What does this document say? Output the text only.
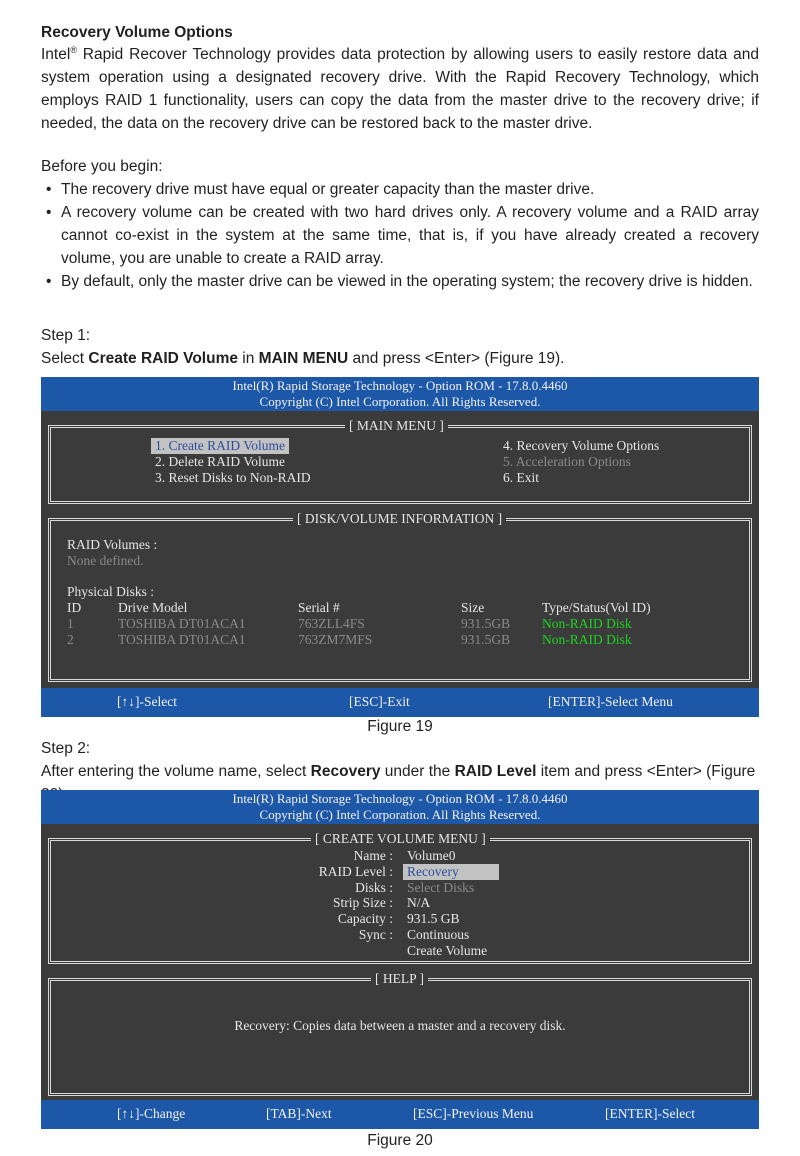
Recovery Volume Options
Intel® Rapid Recover Technology provides data protection by allowing users to easily restore data and system operation using a designated recovery drive. With the Rapid Recovery Technology, which employs RAID 1 functionality, users can copy the data from the master drive to the recovery drive; if needed, the data on the recovery drive can be restored back to the master drive.
Before you begin:
• The recovery drive must have equal or greater capacity than the master drive.
• A recovery volume can be created with two hard drives only. A recovery volume and a RAID array cannot co-exist in the system at the same time, that is, if you have already created a recovery volume, you are unable to create a RAID array.
• By default, only the master drive can be viewed in the operating system; the recovery drive is hidden.
Step 1:
Select Create RAID Volume in MAIN MENU and press <Enter> (Figure 19).
Intel(R) Rapid Storage Technology - Option ROM - 17.8.0.4460
Copyright (C) Intel Corporation. All Rights Reserved.
[ MAIN MENU ]
1. Create RAID Volume
2. Delete RAID Volume
3. Reset Disks to Non-RAID
4. Recovery Volume Options
5. Acceleration Options
6. Exit
[ DISK/VOLUME INFORMATION ]
RAID Volumes :
None defined.
Physical Disks :
ID	Drive Model	Serial #	Size	Type/Status(Vol ID)
1	TOSHIBA DT01ACA1	763ZLL4FS	931.5GB Non-RAID Disk
2	TOSHIBA DT01ACA1	763ZM7MFS	931.5GB Non-RAID Disk
[↑↓]-Select	[ESC]-Exit	[ENTER]-Select Menu
Figure 19
Step 2:
After entering the volume name, select Recovery under the RAID Level item and press <Enter> (Figure
Intel(R) Rapid Storage Technology - Option ROM - 17.8.0.4460
Copyright (C) Intel Corporation. All Rights Reserved.
[ CREATE VOLUME MENU ]
Name : Volume0
RAID Level : Recovery
Disks : Select Disks
Strip Size : N/A
Capacity : 931.5 GB
Sync : Continuous
Create Volume
[ HELP ]
Recovery: Copies data between a master and a recovery disk.
[↑↓]-Change	[TAB]-Next	[ESC]-Previous Menu	[ENTER]-Select
Figure 20
